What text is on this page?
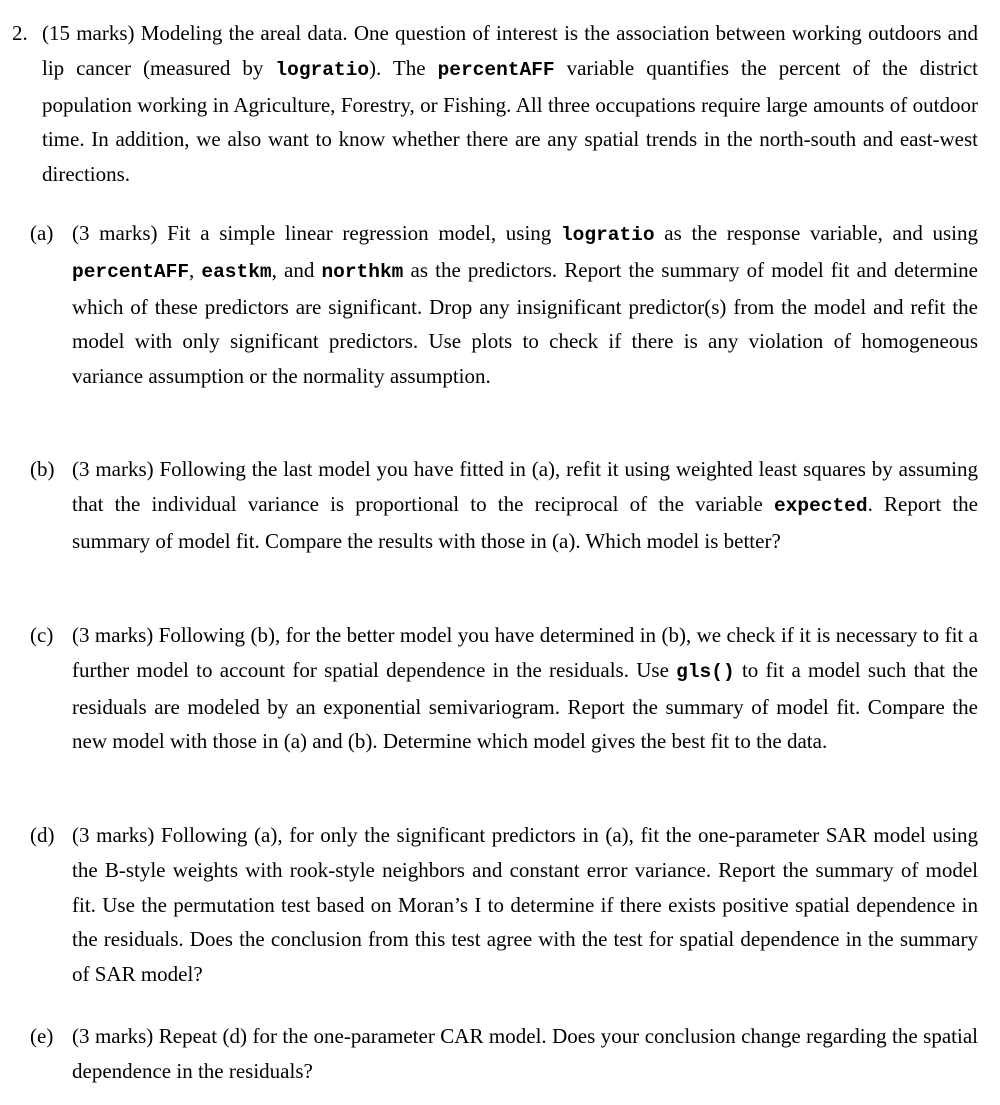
2. (15 marks) Modeling the areal data. One question of interest is the association between working outdoors and lip cancer (measured by logratio). The percentAFF variable quantifies the percent of the district population working in Agriculture, Forestry, or Fishing. All three occupations require large amounts of outdoor time. In addition, we also want to know whether there are any spatial trends in the north-south and east-west directions.
(a) (3 marks) Fit a simple linear regression model, using logratio as the response variable, and using percentAFF, eastkm, and northkm as the predictors. Report the summary of model fit and determine which of these predictors are significant. Drop any insignificant predictor(s) from the model and refit the model with only significant predictors. Use plots to check if there is any violation of homogeneous variance assumption or the normality assumption.
(b) (3 marks) Following the last model you have fitted in (a), refit it using weighted least squares by assuming that the individual variance is proportional to the reciprocal of the variable expected. Report the summary of model fit. Compare the results with those in (a). Which model is better?
(c) (3 marks) Following (b), for the better model you have determined in (b), we check if it is necessary to fit a further model to account for spatial dependence in the residuals. Use gls() to fit a model such that the residuals are modeled by an exponential semivariogram. Report the summary of model fit. Compare the new model with those in (a) and (b). Determine which model gives the best fit to the data.
(d) (3 marks) Following (a), for only the significant predictors in (a), fit the one-parameter SAR model using the B-style weights with rook-style neighbors and constant error variance. Report the summary of model fit. Use the permutation test based on Moran’s I to determine if there exists positive spatial dependence in the residuals. Does the conclusion from this test agree with the test for spatial dependence in the summary of SAR model?
(e) (3 marks) Repeat (d) for the one-parameter CAR model. Does your conclusion change regarding the spatial dependence in the residuals?
